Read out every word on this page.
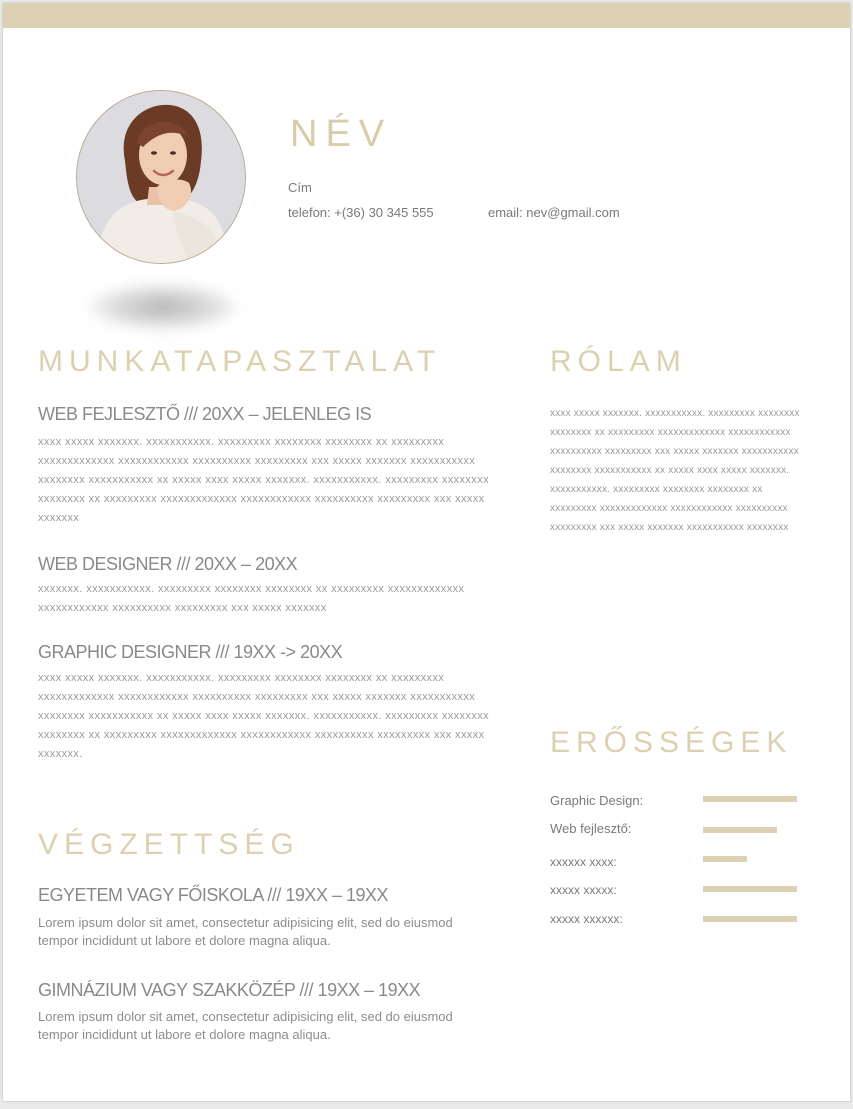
NÉV
Cím
telefon: +(36) 30 345 555	email: nev@gmail.com
MUNKATAPASZTALAT
WEB FEJLESZTŐ /// 20XX – JELENLEG IS
xxxx xxxxx xxxxxxx. xxxxxxxxxxx. xxxxxxxxx xxxxxxxx xxxxxxxx xx xxxxxxxxx xxxxxxxxxxxxx xxxxxxxxxxxx xxxxxxxxxx xxxxxxxxx xxx xxxxx xxxxxxx xxxxxxxxxxx xxxxxxxx xxxxxxxxxxx xx xxxxx xxxx xxxxx xxxxxxx. xxxxxxxxxxx. xxxxxxxxx xxxxxxxx xxxxxxxx xx xxxxxxxxx xxxxxxxxxxxxx xxxxxxxxxxxx xxxxxxxxxx xxxxxxxxx xxx xxxxx xxxxxxx
WEB DESIGNER /// 20XX – 20XX
xxxxxxx. xxxxxxxxxxx. xxxxxxxxx xxxxxxxx xxxxxxxx xx xxxxxxxxx xxxxxxxxxxxxx xxxxxxxxxxxx xxxxxxxxxx xxxxxxxxx xxx xxxxx xxxxxxx
GRAPHIC DESIGNER /// 19XX -> 20XX
xxxx xxxxx xxxxxxx. xxxxxxxxxxx. xxxxxxxxx xxxxxxxx xxxxxxxx xx xxxxxxxxx xxxxxxxxxxxxx xxxxxxxxxxxx xxxxxxxxxx xxxxxxxxx xxx xxxxx xxxxxxx xxxxxxxxxxx xxxxxxxx xxxxxxxxxxx xx xxxxx xxxx xxxxx xxxxxxx. xxxxxxxxxxx. xxxxxxxxx xxxxxxxx xxxxxxxx xx xxxxxxxxx xxxxxxxxxxxxx xxxxxxxxxxxx xxxxxxxxxx xxxxxxxxx xxx xxxxx xxxxxxx.
VÉGZETTSÉG
EGYETEM VAGY FŐISKOLA /// 19XX – 19XX
Lorem ipsum dolor sit amet, consectetur adipisicing elit, sed do eiusmod tempor incididunt ut labore et dolore magna aliqua.
GIMNÁZIUM VAGY SZAKKÖZÉP /// 19XX – 19XX
Lorem ipsum dolor sit amet, consectetur adipisicing elit, sed do eiusmod tempor incididunt ut labore et dolore magna aliqua.
RÓLAM
xxxx xxxxx xxxxxxx. xxxxxxxxxxx. xxxxxxxxx xxxxxxxx xxxxxxxx xx xxxxxxxxx xxxxxxxxxxxxx xxxxxxxxxxxx xxxxxxxxxx xxxxxxxxx xxx xxxxx xxxxxxx xxxxxxxxxxx xxxxxxxx xxxxxxxxxxx xx xxxxx xxxx xxxxx xxxxxxx. xxxxxxxxxxx. xxxxxxxxx xxxxxxxx xxxxxxxx xx xxxxxxxxx xxxxxxxxxxxxx xxxxxxxxxxxx xxxxxxxxxx xxxxxxxxx xxx xxxxx xxxxxxx xxxxxxxxxxx xxxxxxxx
ERŐSSÉGEK
Graphic Design:
Web fejlesztő:
xxxxxx xxxx:
xxxxx xxxxx:
xxxxx xxxxxx:
